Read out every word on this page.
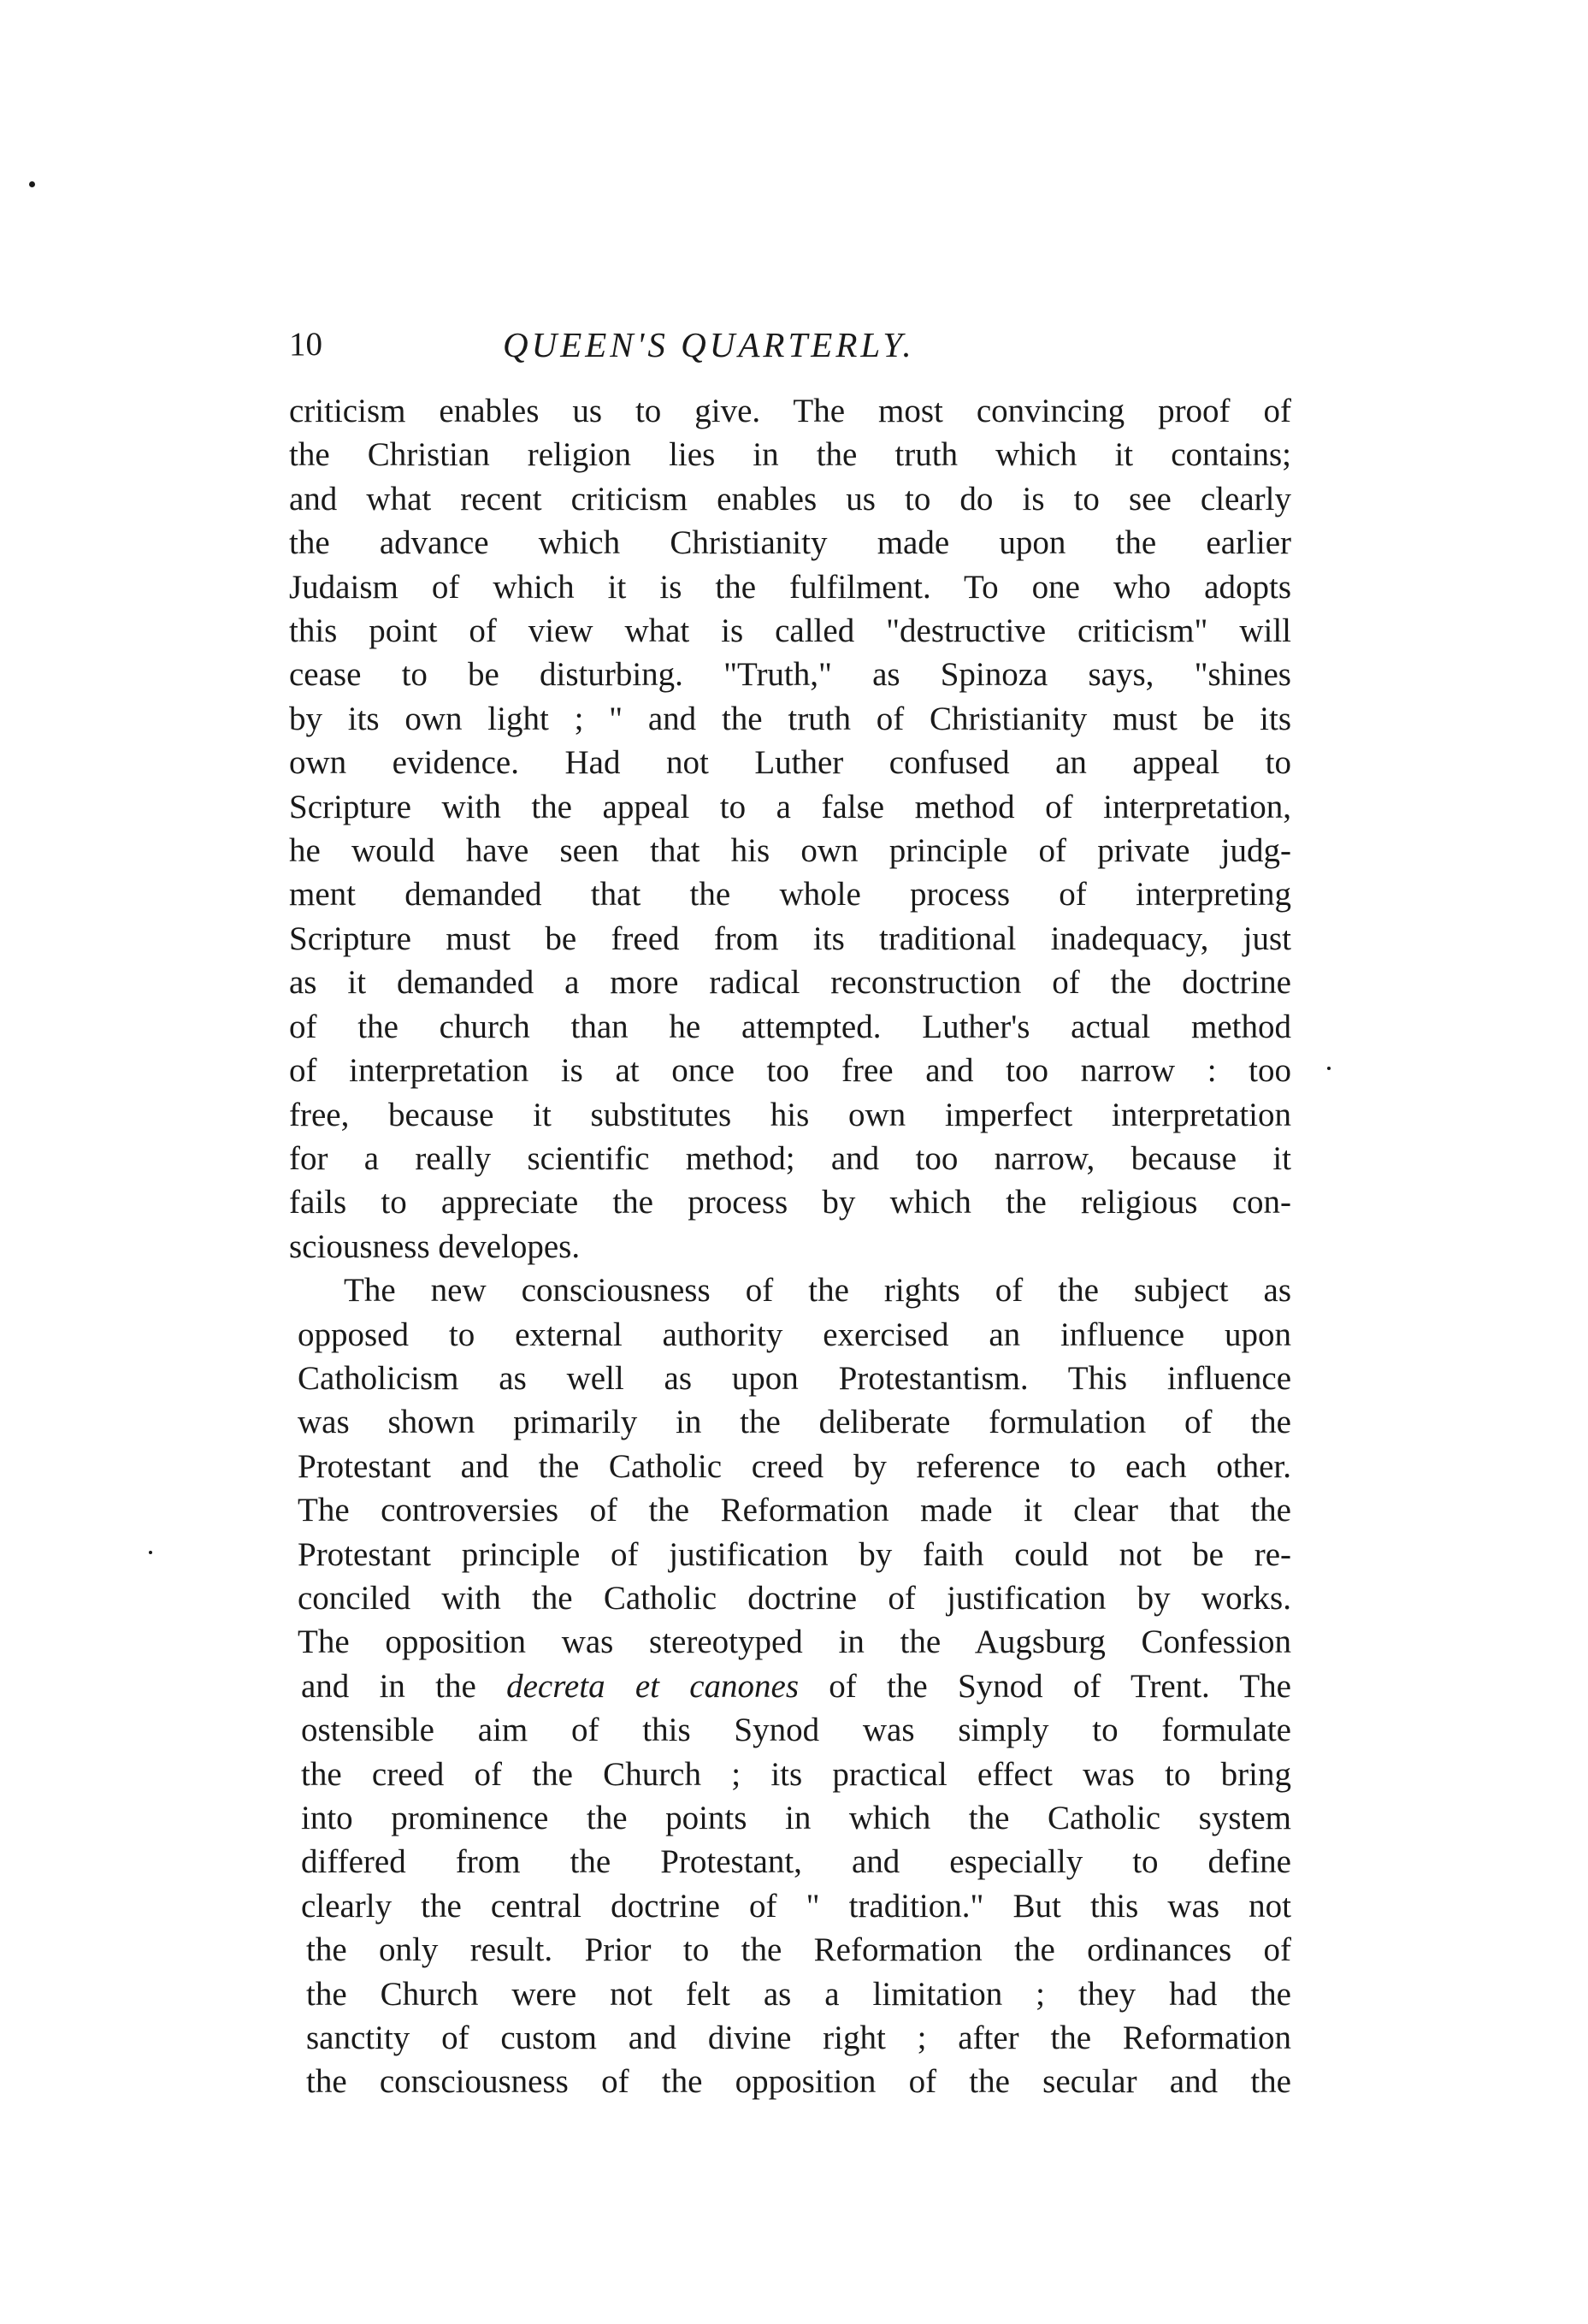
10	QUEEN'S QUARTERLY.

criticism enables us to give. The most convincing proof of
the Christian religion lies in the truth which it contains;
and what recent criticism enables us to do is to see clearly
the advance which Christianity made upon the earlier
Judaism of which it is the fulfilment. To one who adopts
this point of view what is called "destructive criticism" will
cease to be disturbing. "Truth," as Spinoza says, "shines
by its own light ; " and the truth of Christianity must be its
own evidence. Had not Luther confused an appeal to
Scripture with the appeal to a false method of interpretation,
he would have seen that his own principle of private judg-
ment demanded that the whole process of interpreting
Scripture must be freed from its traditional inadequacy, just
as it demanded a more radical reconstruction of the doctrine
of the church than he attempted. Luther's actual method
of interpretation is at once too free and too narrow : too
free, because it substitutes his own imperfect interpretation
for a really scientific method; and too narrow, because it
fails to appreciate the process by which the religious con-
sciousness developes.

The new consciousness of the rights of the subject as
opposed to external authority exercised an influence upon
Catholicism as well as upon Protestantism. This influence
was shown primarily in the deliberate formulation of the
Protestant and the Catholic creed by reference to each other.
The controversies of the Reformation made it clear that the
Protestant principle of justification by faith could not be re-
conciled with the Catholic doctrine of justification by works.
The opposition was stereotyped in the Augsburg Confession
and in the decreta et canones of the Synod of Trent. The
ostensible aim of this Synod was simply to formulate
the creed of the Church ; its practical effect was to bring
into prominence the points in which the Catholic system
differed from the Protestant, and especially to define
clearly the central doctrine of " tradition." But this was not
the only result. Prior to the Reformation the ordinances of
the Church were not felt as a limitation ; they had the
sanctity of custom and divine right ; after the Reformation
the consciousness of the opposition of the secular and the
